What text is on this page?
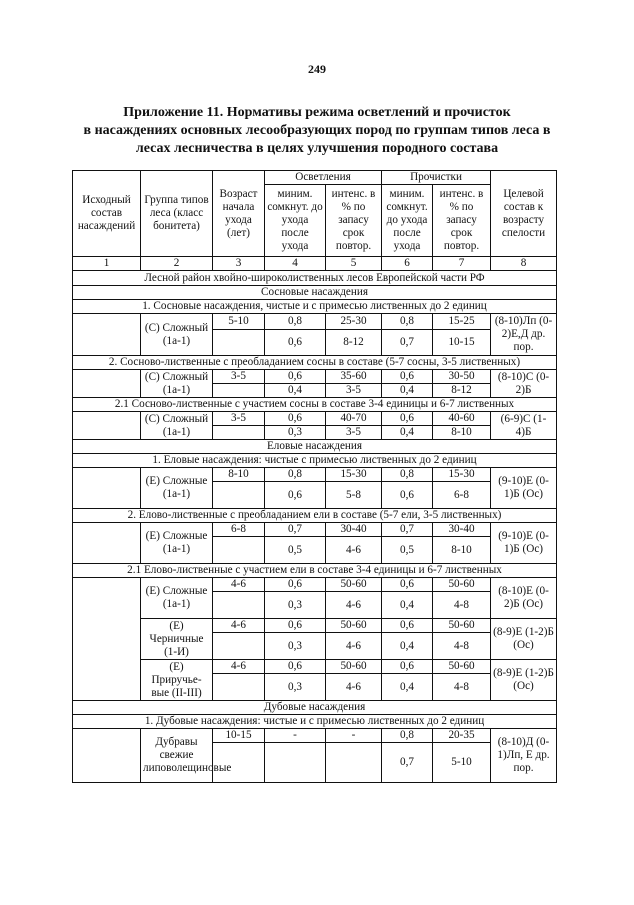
249
Приложение 11. Нормативы режима осветлений и прочисток
в насаждениях основных лесообразующих пород по группам типов леса в
лесах лесничества в целях улучшения породного состава
Исходный состав насаждений	Группа типов леса (класс бонитета)	Возраст начала ухода (лет)	Осветления		Прочистки		Целевой состав к возрасту спелости
			миним. сомкнут. до ухода после ухода	интенс. в % по запасу срок повтор.	миним. сомкнут. до ухода после ухода	интенс. в % по запасу срок повтор.	
1	2	3	4	5	6	7	8
Лесной район хвойно-широколиственных лесов Европейской части РФ							
Сосновые насаждения							
1. Сосновые насаждения, чистые и с примесью лиственных до 2 единиц							
	(С) Сложный (1а-1)	5-10	0,8	25-30	0,8	15-25	(8-10)Лп (0-2)Е,Д др. пор.
			0,6	8-12	0,7	10-15	
2. Сосново-лиственные с преобладанием сосны в составе (5-7 сосны, 3-5 лиственных)							
	(С) Сложный (1а-1)	3-5	0,6	35-60	0,6	30-50	(8-10)С (0-2)Б
			0,4	3-5	0,4	8-12	
2.1 Сосново-лиственные с участием сосны в составе 3-4 единицы и 6-7 лиственных							
	(С) Сложный (1а-1)	3-5	0,6	40-70	0,6	40-60	(6-9)С (1-4)Б
			0,3	3-5	0,4	8-10	
Еловые насаждения							
1. Еловые насаждения: чистые с примесью лиственных до 2 единиц							
	(Е) Сложные (1а-1)	8-10	0,8	15-30	0,8	15-30	(9-10)Е (0-1)Б (Ос)
			0,6	5-8	0,6	6-8	
2. Елово-лиственные с преобладанием ели в составе (5-7 ели, 3-5 лиственных)							
	(Е) Сложные (1а-1)	6-8	0,7	30-40	0,7	30-40	(9-10)Е (0-1)Б (Ос)
			0,5	4-6	0,5	8-10	
2.1 Елово-лиственные с участием ели в составе 3-4 единицы и 6-7 лиственных							
	(Е) Сложные (1а-1)	4-6	0,6	50-60	0,6	50-60	(8-10)Е (0-2)Б (Ос)
			0,3	4-6	0,4	4-8	
	(Е) Черничные (1-И)	4-6	0,6	50-60	0,6	50-60	(8-9)Е (1-2)Б (Ос)
			0,3	4-6	0,4	4-8	
	(Е) Приручье- вые (II-III)	4-6	0,6	50-60	0,6	50-60	(8-9)Е (1-2)Б (Ос)
			0,3	4-6	0,4	4-8	
Дубовые насаждения							
1. Дубовые насаждения: чистые и с примесью лиственных до 2 единиц							
	Дубравы свежие липоволещиновые	10-15	-	-	0,8	20-35	(8-10)Д (0-1)Лп, Е др. пор.
					0,7	5-10	
